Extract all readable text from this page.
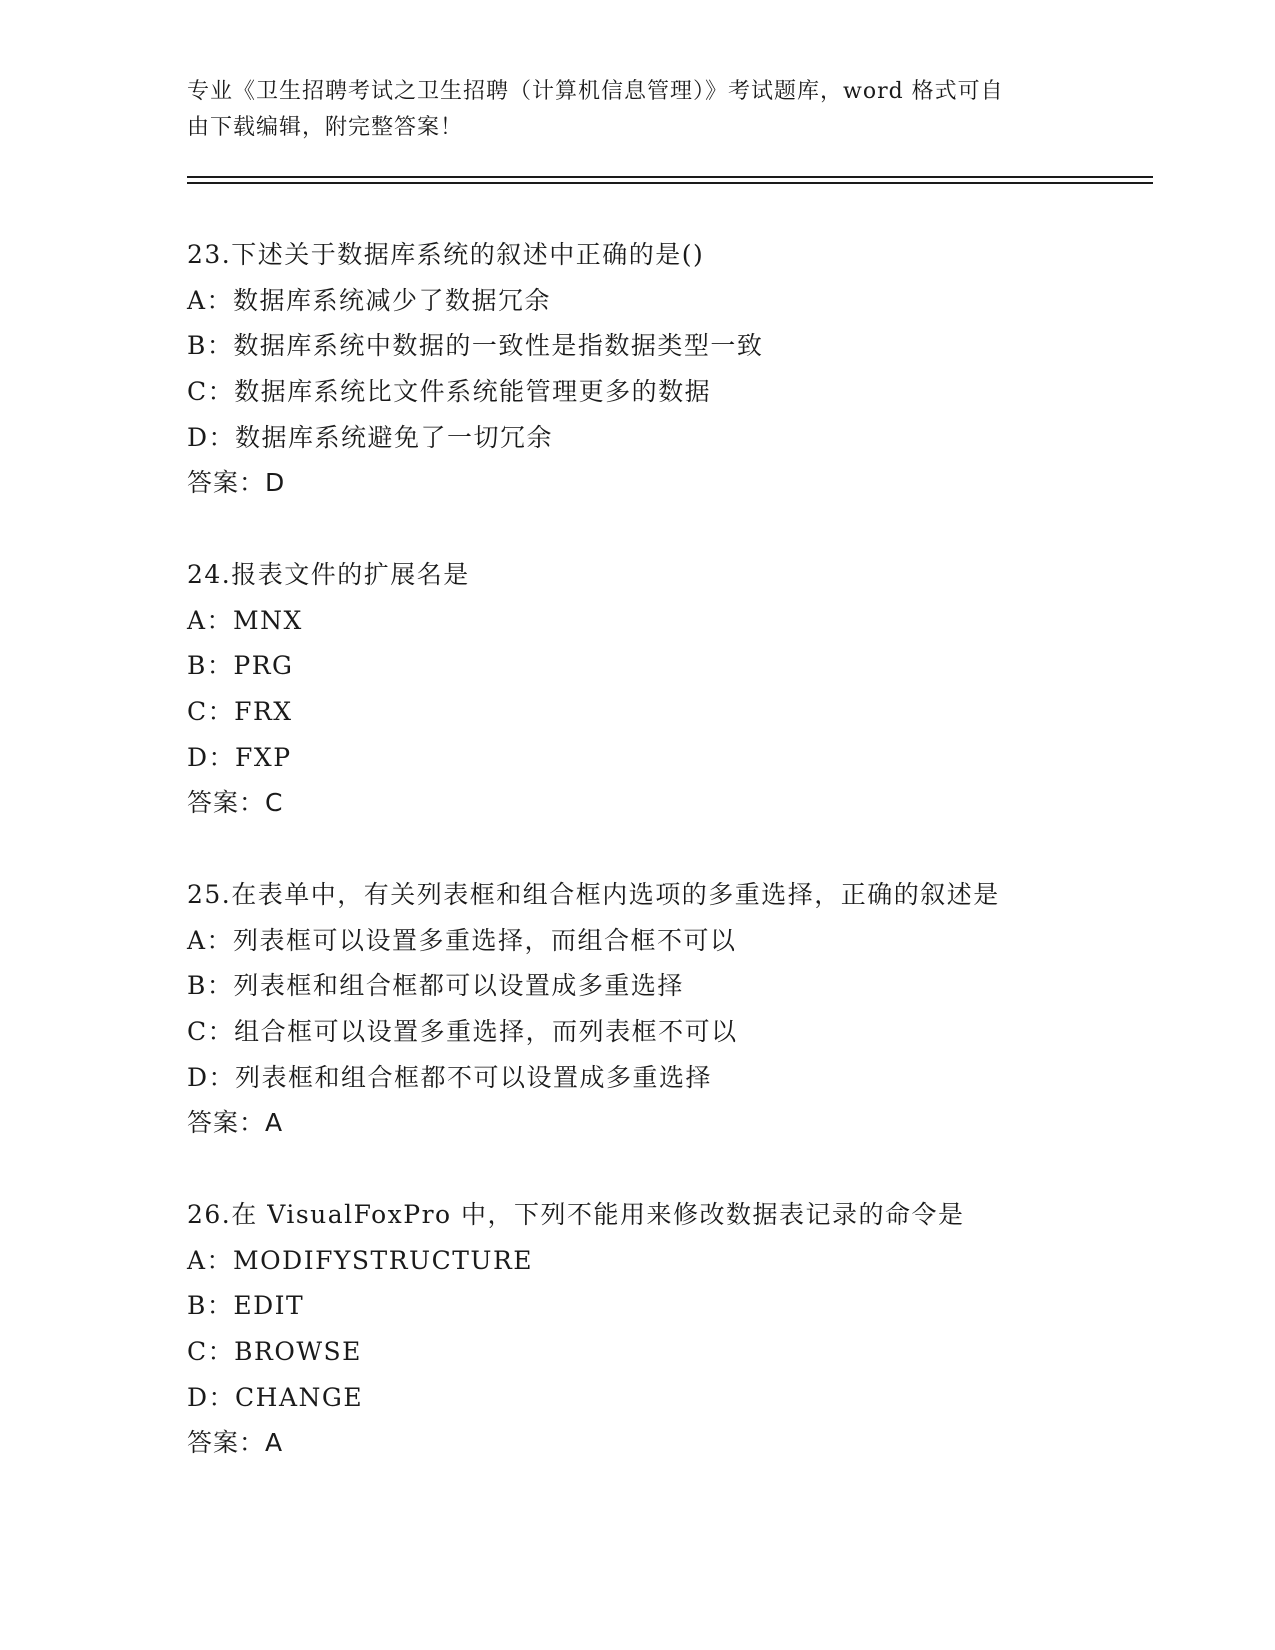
专业《卫生招聘考试之卫生招聘（计算机信息管理）》考试题库，word 格式可自
由下载编辑，附完整答案！
23.下述关于数据库系统的叙述中正确的是()
A：数据库系统减少了数据冗余
B：数据库系统中数据的一致性是指数据类型一致
C：数据库系统比文件系统能管理更多的数据
D：数据库系统避免了一切冗余
答案：D
24.报表文件的扩展名是
A：MNX
B：PRG
C：FRX
D：FXP
答案：C
25.在表单中，有关列表框和组合框内选项的多重选择，正确的叙述是
A：列表框可以设置多重选择，而组合框不可以
B：列表框和组合框都可以设置成多重选择
C：组合框可以设置多重选择，而列表框不可以
D：列表框和组合框都不可以设置成多重选择
答案：A
26.在 VisualFoxPro 中，下列不能用来修改数据表记录的命令是
A：MODIFYSTRUCTURE
B：EDIT
C：BROWSE
D：CHANGE
答案：A
